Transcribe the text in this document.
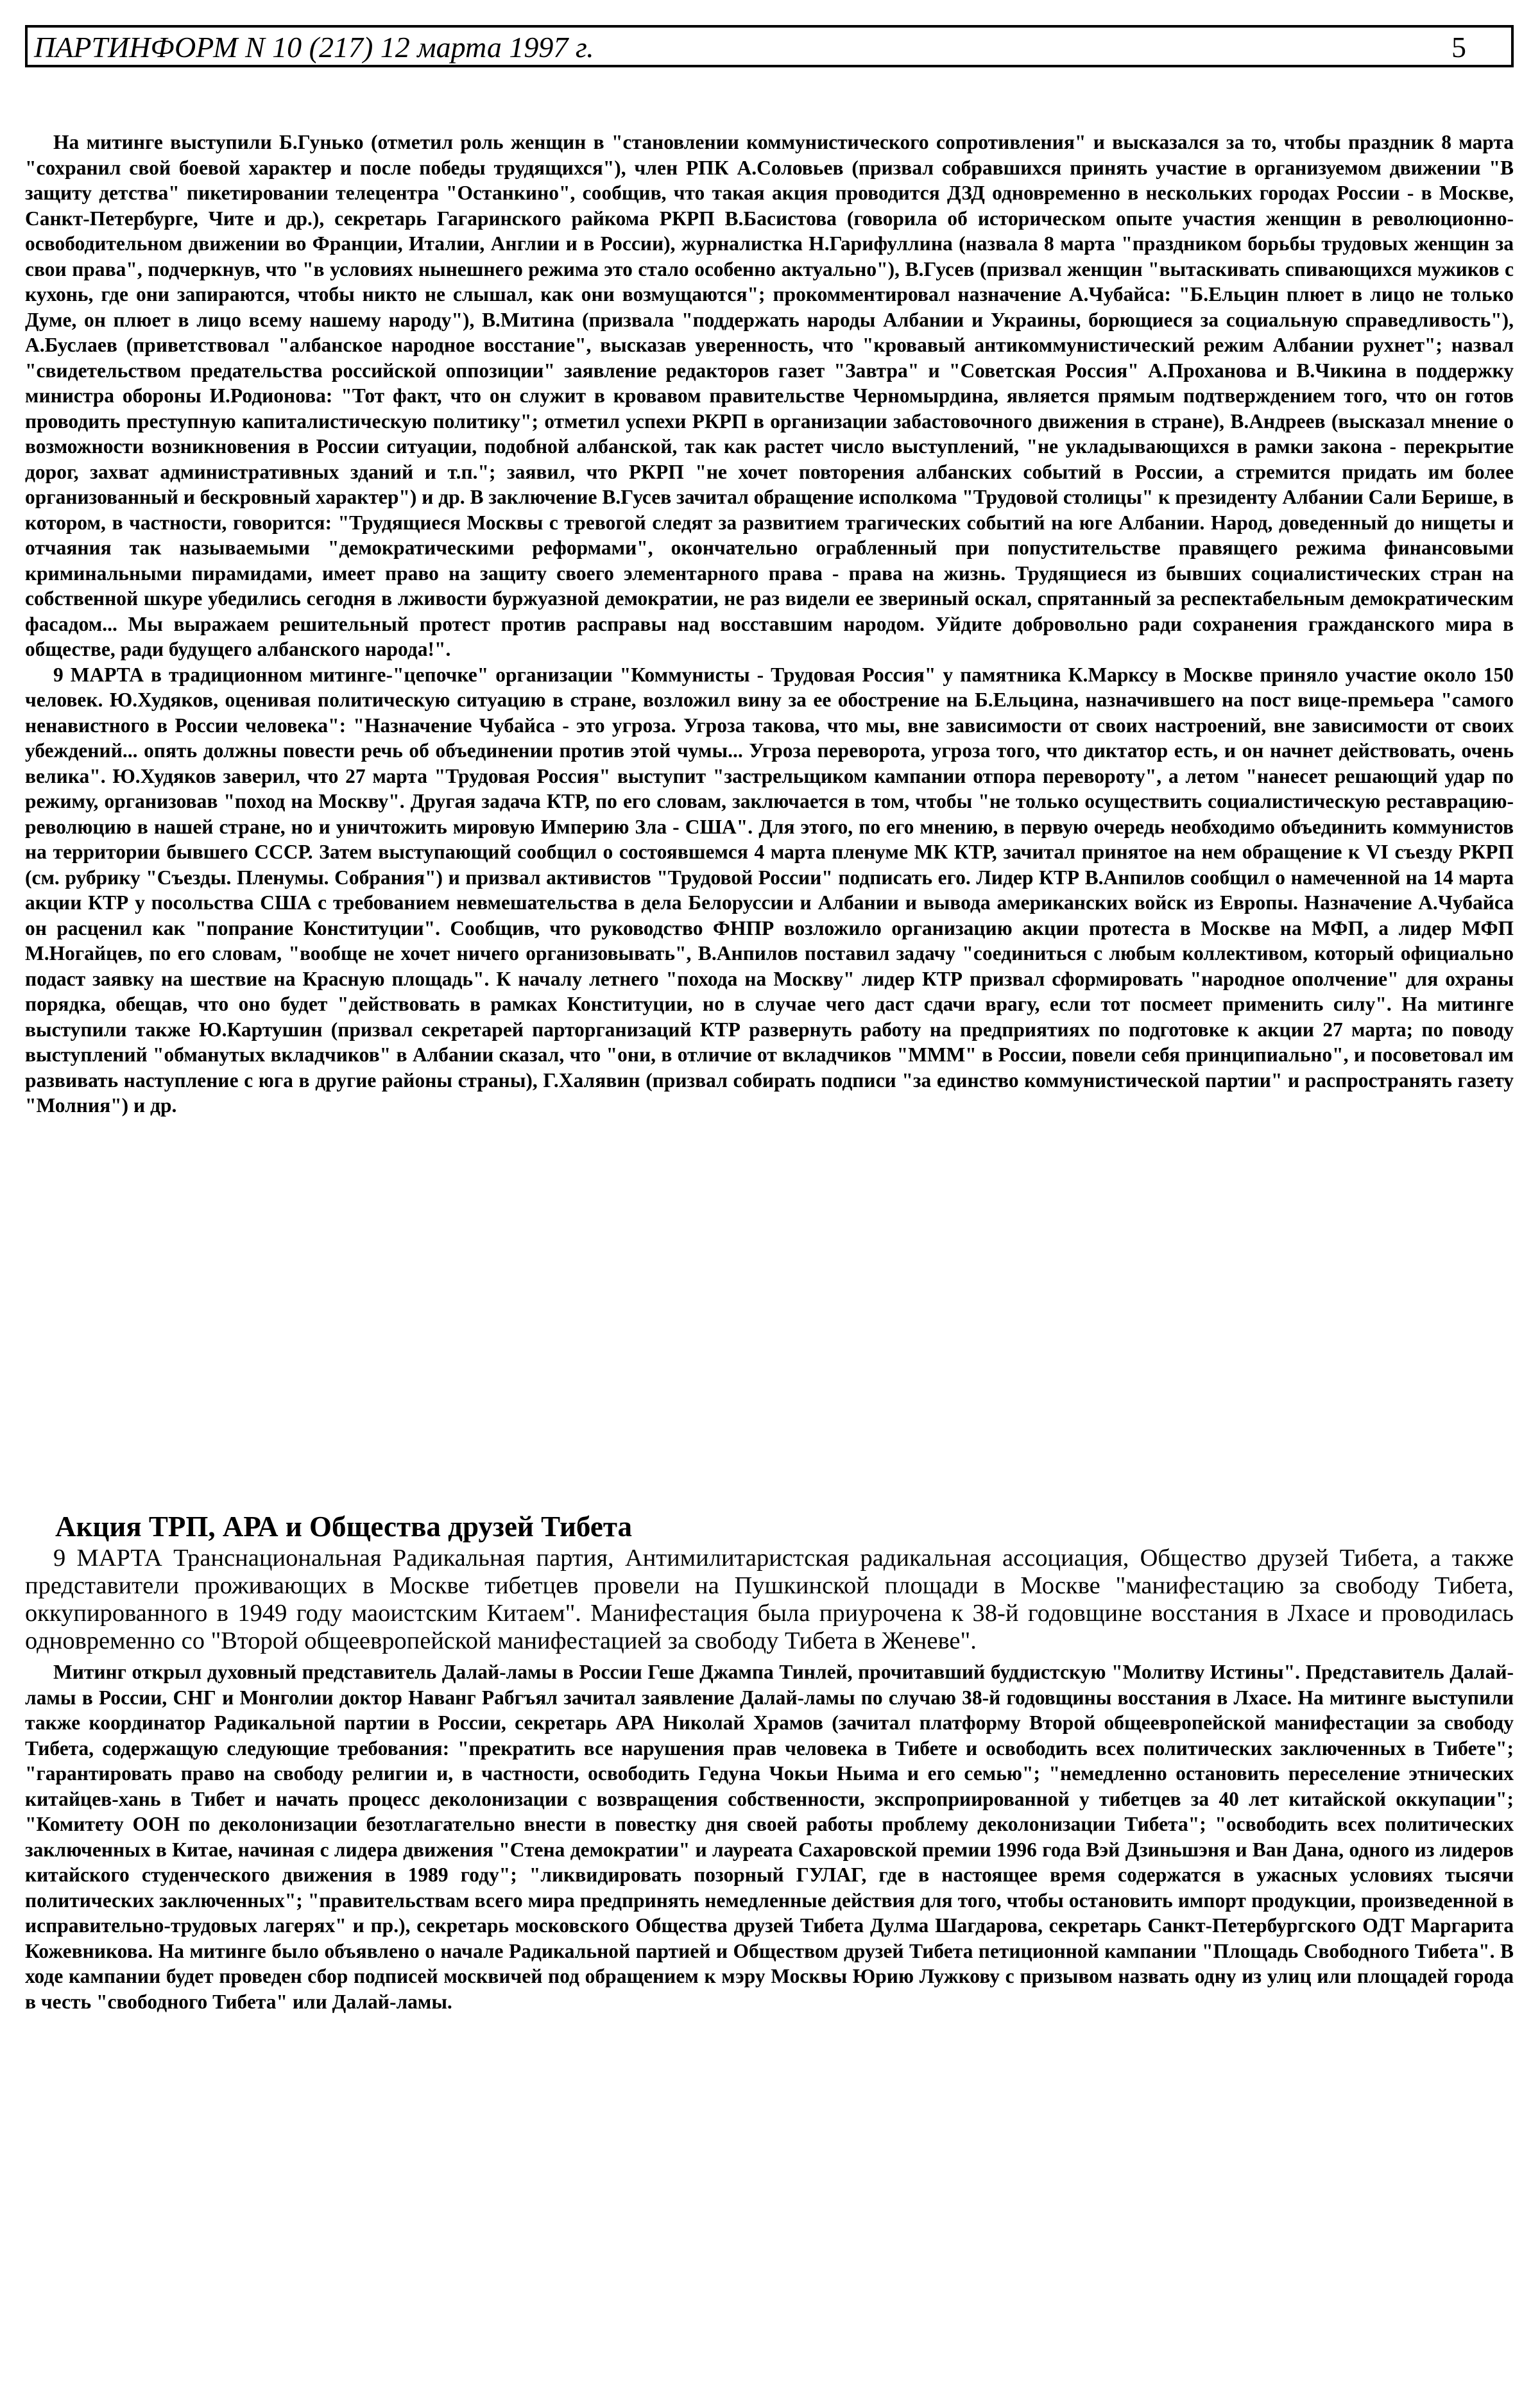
ПАРТИНФОРМ N 10 (217) 12 марта 1997 г.	5

На митинге выступили Б.Гунько (отметил роль женщин в "становлении коммунистического сопротивления" и высказался за то, чтобы праздник 8 марта "сохранил свой боевой характер и после победы трудящихся"), член РПК А.Соловьев (призвал собравшихся принять участие в организуемом движении "В защиту детства" пикетировании телецентра "Останкино", сообщив, что такая акция проводится ДЗД одновременно в нескольких городах России - в Москве, Санкт-Петербурге, Чите и др.), секретарь Гагаринского райкома РКРП В.Басистова (говорила об историческом опыте участия женщин в революционно-освободительном движении во Франции, Италии, Англии и в России), журналистка Н.Гарифуллина (назвала 8 марта "праздником борьбы трудовых женщин за свои права", подчеркнув, что "в условиях нынешнего режима это стало особенно актуально"), В.Гусев (призвал женщин "вытаскивать спивающихся мужиков с кухонь, где они запираются, чтобы никто не слышал, как они возмущаются"; прокомментировал назначение А.Чубайса: "Б.Ельцин плюет в лицо не только Думе, он плюет в лицо всему нашему народу"), В.Митина (призвала "поддержать народы Албании и Украины, борющиеся за социальную справедливость"), А.Буслаев (приветствовал "албанское народное восстание", высказав уверенность, что "кровавый антикоммунистический режим Албании рухнет"; назвал "свидетельством предательства российской оппозиции" заявление редакторов газет "Завтра" и "Советская Россия" А.Проханова и В.Чикина в поддержку министра обороны И.Родионова: "Тот факт, что он служит в кровавом правительстве Черномырдина, является прямым подтверждением того, что он готов проводить преступную капиталистическую политику"; отметил успехи РКРП в организации забастовочного движения в стране), В.Андреев (высказал мнение о возможности возникновения в России ситуации, подобной албанской, так как растет число выступлений, "не укладывающихся в рамки закона - перекрытие дорог, захват административных зданий и т.п."; заявил, что РКРП "не хочет повторения албанских событий в России, а стремится придать им более организованный и бескровный характер") и др. В заключение В.Гусев зачитал обращение исполкома "Трудовой столицы" к президенту Албании Сали Берише, в котором, в частности, говорится: "Трудящиеся Москвы с тревогой следят за развитием трагических событий на юге Албании. Народ, доведенный до нищеты и отчаяния так называемыми "демократическими реформами", окончательно ограбленный при попустительстве правящего режима финансовыми криминальными пирамидами, имеет право на защиту своего элементарного права - права на жизнь. Трудящиеся из бывших социалистических стран на собственной шкуре убедились сегодня в лживости буржуазной демократии, не раз видели ее звериный оскал, спрятанный за респектабельным демократическим фасадом... Мы выражаем решительный протест против расправы над восставшим народом. Уйдите добровольно ради сохранения гражданского мира в обществе, ради будущего албанского народа!".

9 МАРТА в традиционном митинге-"цепочке" организации "Коммунисты - Трудовая Россия" у памятника К.Марксу в Москве приняло участие около 150 человек. Ю.Худяков, оценивая политическую ситуацию в стране, возложил вину за ее обострение на Б.Ельцина, назначившего на пост вице-премьера "самого ненавистного в России человека": "Назначение Чубайса - это угроза. Угроза такова, что мы, вне зависимости от своих настроений, вне зависимости от своих убеждений... опять должны повести речь об объединении против этой чумы... Угроза переворота, угроза того, что диктатор есть, и он начнет действовать, очень велика". Ю.Худяков заверил, что 27 марта "Трудовая Россия" выступит "застрельщиком кампании отпора перевороту", а летом "нанесет решающий удар по режиму, организовав "поход на Москву". Другая задача КТР, по его словам, заключается в том, чтобы "не только осуществить социалистическую реставрацию-революцию в нашей стране, но и уничтожить мировую Империю Зла - США". Для этого, по его мнению, в первую очередь необходимо объединить коммунистов на территории бывшего СССР. Затем выступающий сообщил о состоявшемся 4 марта пленуме МК КТР, зачитал принятое на нем обращение к VI съезду РКРП (см. рубрику "Съезды. Пленумы. Собрания") и призвал активистов "Трудовой России" подписать его. Лидер КТР В.Анпилов сообщил о намеченной на 14 марта акции КТР у посольства США с требованием невмешательства в дела Белоруссии и Албании и вывода американских войск из Европы. Назначение А.Чубайса он расценил как "попрание Конституции". Сообщив, что руководство ФНПР возложило организацию акции протеста в Москве на МФП, а лидер МФП М.Ногайцев, по его словам, "вообще не хочет ничего организовывать", В.Анпилов поставил задачу "соединиться с любым коллективом, который официально подаст заявку на шествие на Красную площадь". К началу летнего "похода на Москву" лидер КТР призвал сформировать "народное ополчение" для охраны порядка, обещав, что оно будет "действовать в рамках Конституции, но в случае чего даст сдачи врагу, если тот посмеет применить силу". На митинге выступили также Ю.Картушин (призвал секретарей парторганизаций КТР развернуть работу на предприятиях по подготовке к акции 27 марта; по поводу выступлений "обманутых вкладчиков" в Албании сказал, что "они, в отличие от вкладчиков "МММ" в России, повели себя принципиально", и посоветовал им развивать наступление с юга в другие районы страны), Г.Халявин (призвал собирать подписи "за единство коммунистической партии" и распространять газету "Молния") и др.

Акция ТРП, АРА и Общества друзей Тибета

9 МАРТА Транснациональная Радикальная партия, Антимилитаристская радикальная ассоциация, Общество друзей Тибета, а также представители проживающих в Москве тибетцев провели на Пушкинской площади в Москве "манифестацию за свободу Тибета, оккупированного в 1949 году маоистским Китаем". Манифестация была приурочена к 38-й годовщине восстания в Лхасе и проводилась одновременно со "Второй общеевропейской манифестацией за свободу Тибета в Женеве".

Митинг открыл духовный представитель Далай-ламы в России Геше Джампа Тинлей, прочитавший буддистскую "Молитву Истины". Представитель Далай-ламы в России, СНГ и Монголии доктор Наванг Рабгъял зачитал заявление Далай-ламы по случаю 38-й годовщины восстания в Лхасе. На митинге выступили также координатор Радикальной партии в России, секретарь АРА Николай Храмов (зачитал платформу Второй общеевропейской манифестации за свободу Тибета, содержащую следующие требования: "прекратить все нарушения прав человека в Тибете и освободить всех политических заключенных в Тибете"; "гарантировать право на свободу религии и, в частности, освободить Гедуна Чокьи Ньима и его семью"; "немедленно остановить переселение этнических китайцев-хань в Тибет и начать процесс деколонизации с возвращения собственности, экспроприированной у тибетцев за 40 лет китайской оккупации"; "Комитету ООН по деколонизации безотлагательно внести в повестку дня своей работы проблему деколонизации Тибета"; "освободить всех политических заключенных в Китае, начиная с лидера движения "Стена демократии" и лауреата Сахаровской премии 1996 года Вэй Дзиньшэня и Ван Дана, одного из лидеров китайского студенческого движения в 1989 году"; "ликвидировать позорный ГУЛАГ, где в настоящее время содержатся в ужасных условиях тысячи политических заключенных"; "правительствам всего мира предпринять немедленные действия для того, чтобы остановить импорт продукции, произведенной в исправительно-трудовых лагерях" и пр.), секретарь московского Общества друзей Тибета Дулма Шагдарова, секретарь Санкт-Петербургского ОДТ Маргарита Кожевникова. На митинге было объявлено о начале Радикальной партией и Обществом друзей Тибета петиционной кампании "Площадь Свободного Тибета". В ходе кампании будет проведен сбор подписей москвичей под обращением к мэру Москвы Юрию Лужкову с призывом назвать одну из улиц или площадей города в честь "свободного Тибета" или Далай-ламы.
